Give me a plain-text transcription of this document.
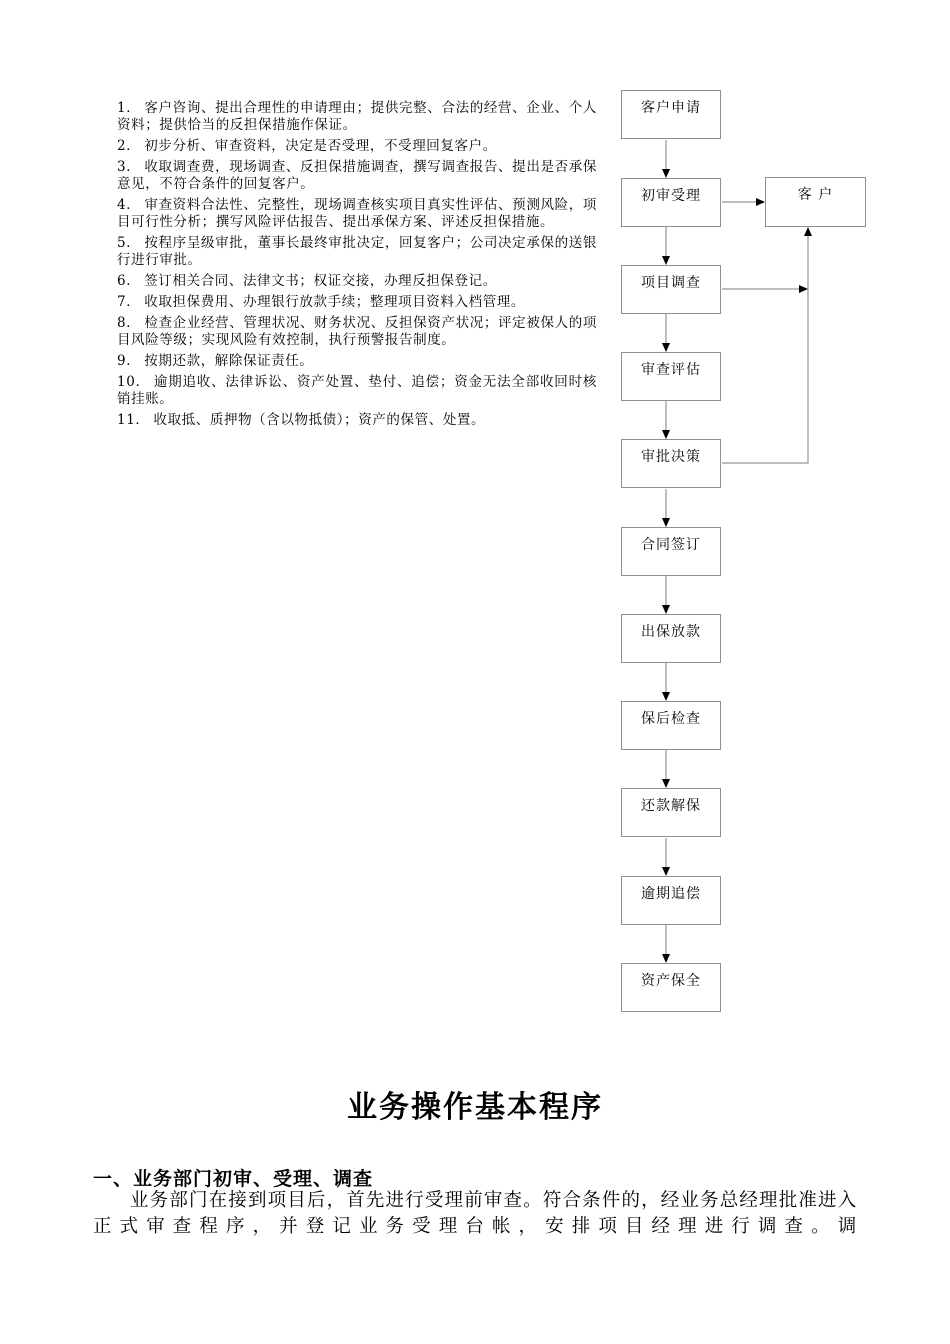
1． 客户咨询、提出合理性的申请理由；提供完整、合法的经营、企业、个人资料；提供恰当的反担保措施作保证。

2． 初步分析、审查资料，决定是否受理，不受理回复客户。

3． 收取调查费，现场调查、反担保措施调查，撰写调查报告、提出是否承保意见，不符合条件的回复客户。

4． 审查资料合法性、完整性，现场调查核实项目真实性评估、预测风险，项目可行性分析；撰写风险评估报告、提出承保方案、评述反担保措施。

5． 按程序呈级审批，董事长最终审批决定，回复客户；公司决定承保的送银行进行审批。

6． 签订相关合同、法律文书；权证交接，办理反担保登记。

7． 收取担保费用、办理银行放款手续；整理项目资料入档管理。

8． 检查企业经营、管理状况、财务状况、反担保资产状况；评定被保人的项目风险等级；实现风险有效控制，执行预警报告制度。

9． 按期还款，解除保证责任。

10． 逾期追收、法律诉讼、资产处置、垫付、追偿；资金无法全部收回时核销挂账。

11． 收取抵、质押物（含以物抵债）；资产的保管、处置。

客户申请
初审受理
项目调查
审查评估
审批决策
合同签订
出保放款
保后检查
还款解保
逾期追偿
资产保全
客 户
业务操作基本程序
一、业务部门初审、受理、调查
业务部门在接到项目后，首先进行受理前审查。符合条件的，经业务总经理批准进入正式审查程序，并登记业务受理台帐，安排项目经理进行调查。调
